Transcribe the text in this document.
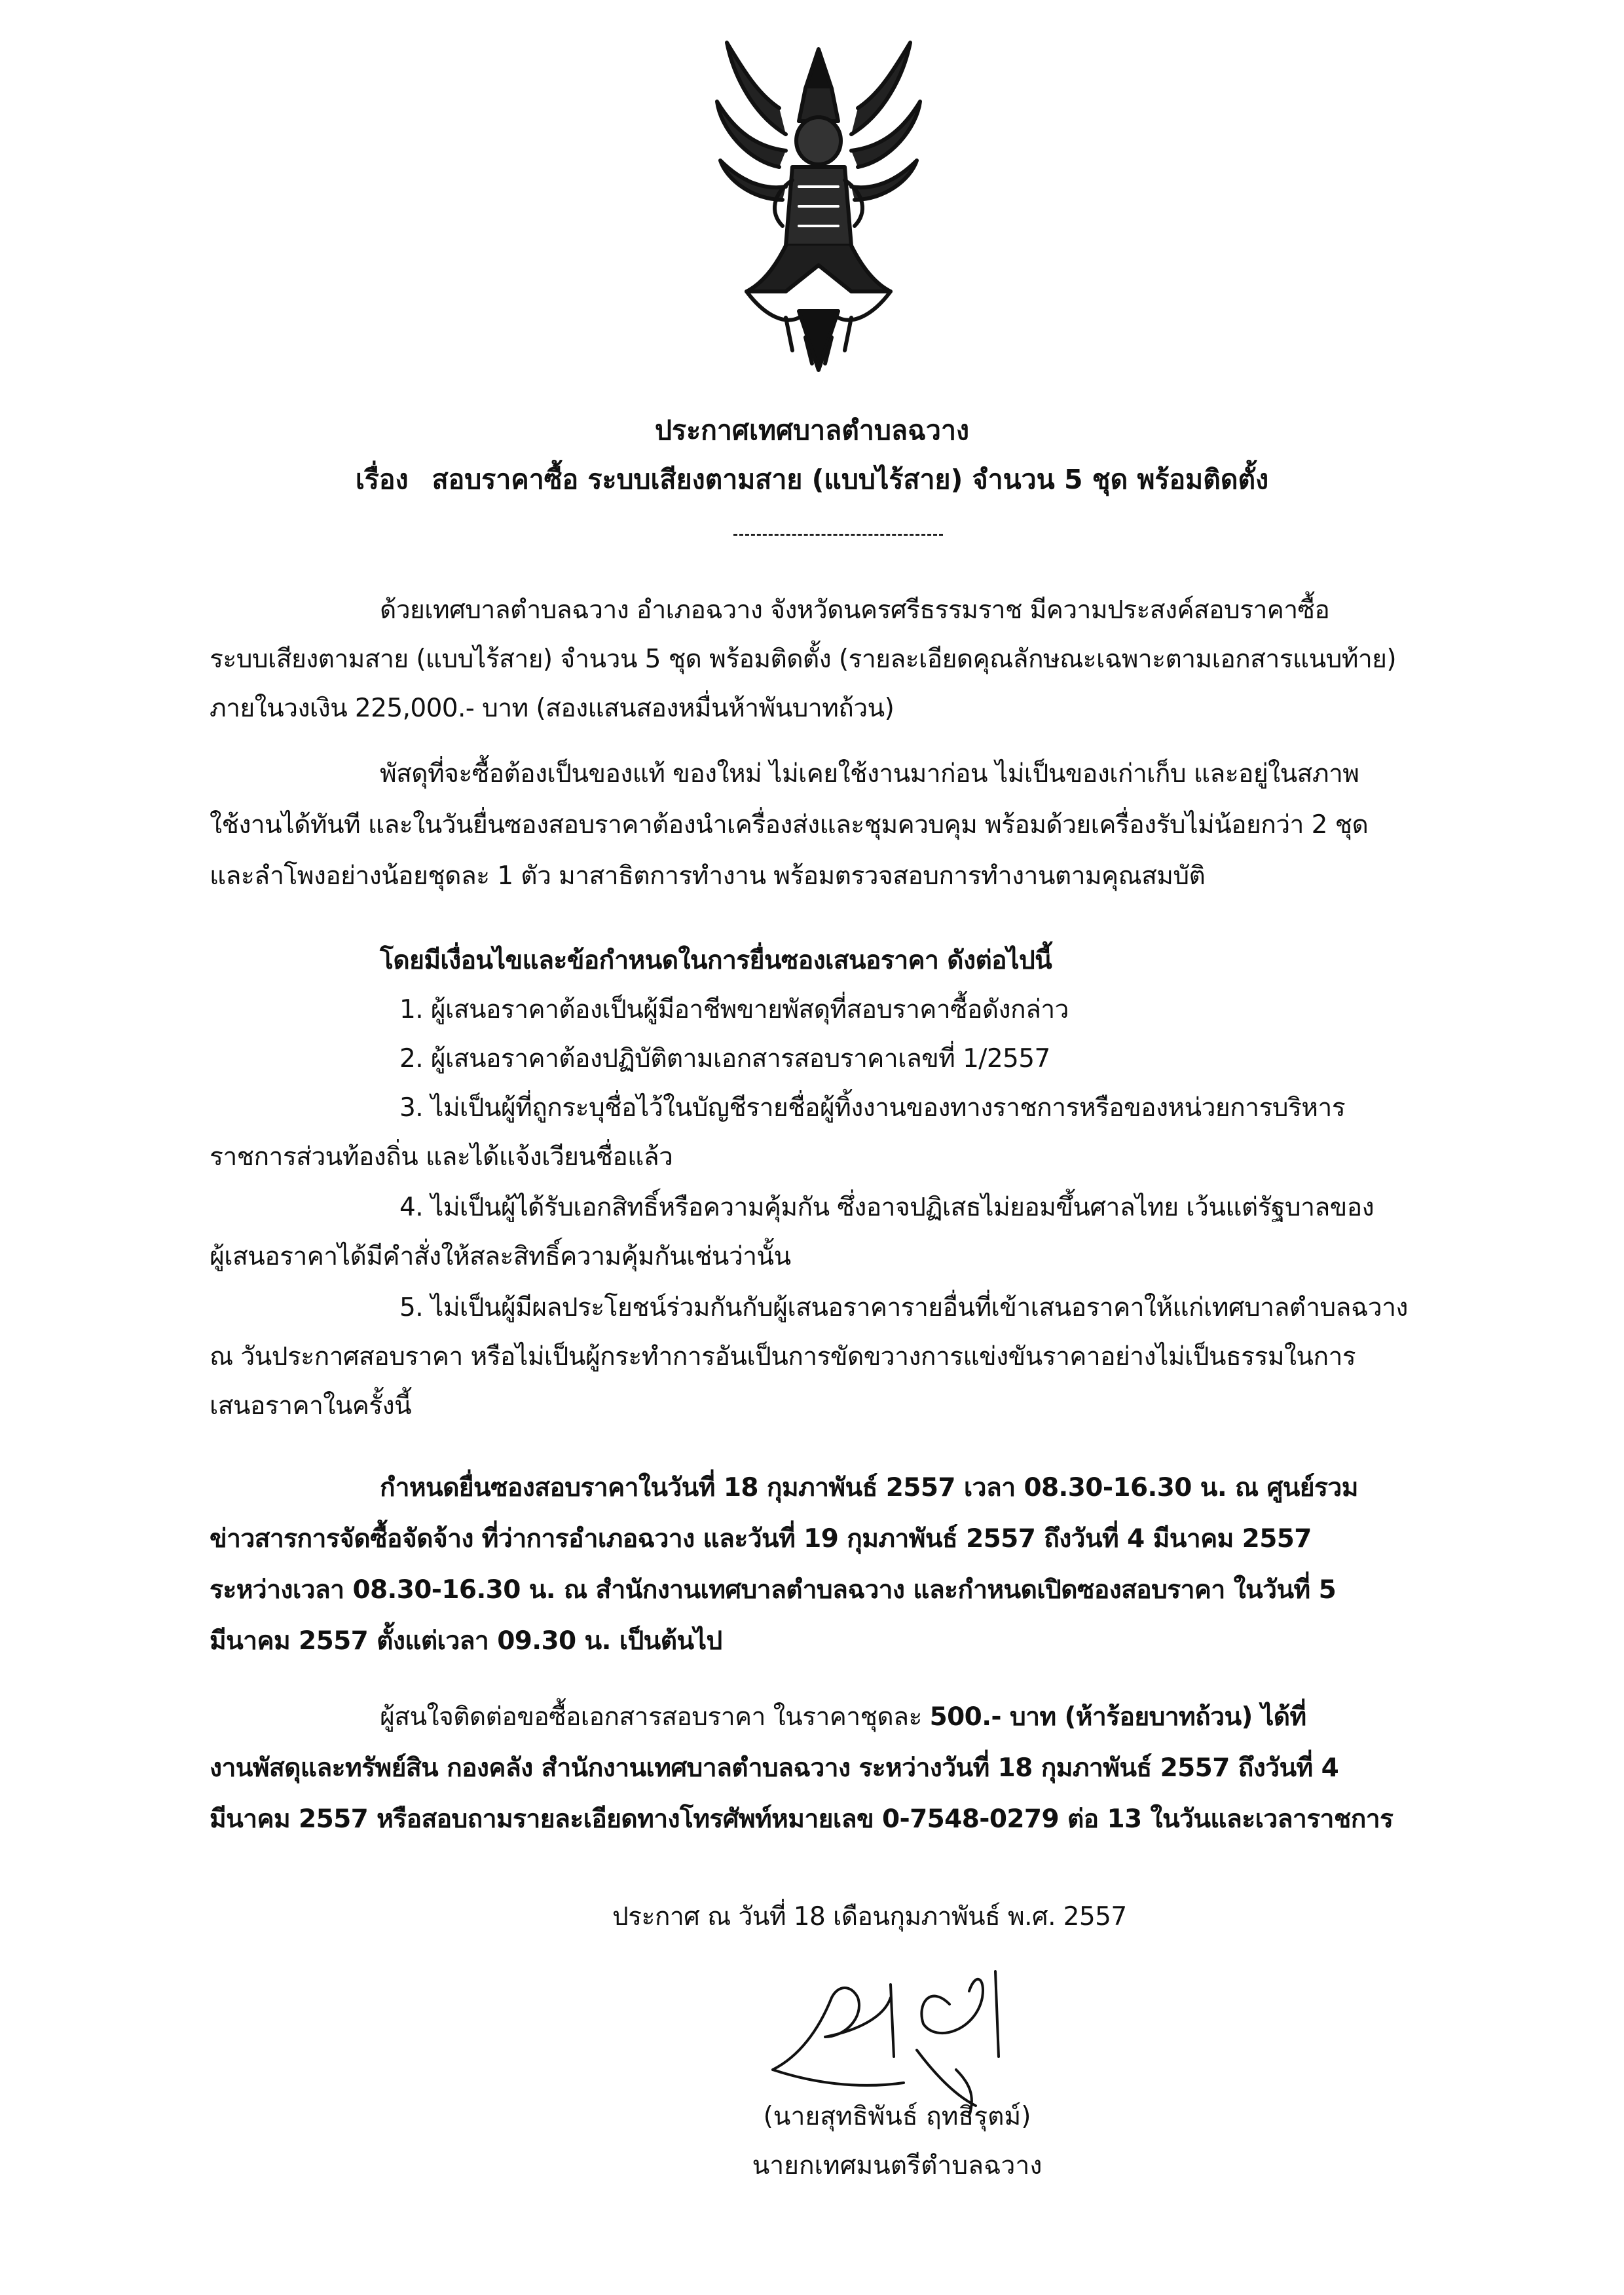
ประกาศเทศบาลตำบลฉวาง
เรื่อง สอบราคาซื้อ ระบบเสียงตามสาย (แบบไร้สาย) จำนวน 5 ชุด พร้อมติดตั้ง
ด้วยเทศบาลตำบลฉวาง อำเภอฉวาง จังหวัดนครศรีธรรมราช มีความประสงค์สอบราคาซื้อ
ระบบเสียงตามสาย (แบบไร้สาย) จำนวน 5 ชุด พร้อมติดตั้ง (รายละเอียดคุณลักษณะเฉพาะตามเอกสารแนบท้าย)
ภายในวงเงิน 225,000.- บาท (สองแสนสองหมื่นห้าพันบาทถ้วน)
พัสดุที่จะซื้อต้องเป็นของแท้ ของใหม่ ไม่เคยใช้งานมาก่อน ไม่เป็นของเก่าเก็บ และอยู่ในสภาพ
ใช้งานได้ทันที และในวันยื่นซองสอบราคาต้องนำเครื่องส่งและชุมควบคุม พร้อมด้วยเครื่องรับไม่น้อยกว่า 2 ชุด
และลำโพงอย่างน้อยชุดละ 1 ตัว มาสาธิตการทำงาน พร้อมตรวจสอบการทำงานตามคุณสมบัติ
โดยมีเงื่อนไขและข้อกำหนดในการยื่นซองเสนอราคา ดังต่อไปนี้
1. ผู้เสนอราคาต้องเป็นผู้มีอาชีพขายพัสดุที่สอบราคาซื้อดังกล่าว
2. ผู้เสนอราคาต้องปฏิบัติตามเอกสารสอบราคาเลขที่ 1/2557
3. ไม่เป็นผู้ที่ถูกระบุชื่อไว้ในบัญชีรายชื่อผู้ทิ้งงานของทางราชการหรือของหน่วยการบริหาร
ราชการส่วนท้องถิ่น และได้แจ้งเวียนชื่อแล้ว
4. ไม่เป็นผู้ได้รับเอกสิทธิ์หรือความคุ้มกัน ซึ่งอาจปฏิเสธไม่ยอมขึ้นศาลไทย เว้นแต่รัฐบาลของ
ผู้เสนอราคาได้มีคำสั่งให้สละสิทธิ์ความคุ้มกันเช่นว่านั้น
5. ไม่เป็นผู้มีผลประโยชน์ร่วมกันกับผู้เสนอราคารายอื่นที่เข้าเสนอราคาให้แก่เทศบาลตำบลฉวาง
ณ วันประกาศสอบราคา หรือไม่เป็นผู้กระทำการอันเป็นการขัดขวางการแข่งขันราคาอย่างไม่เป็นธรรมในการ
เสนอราคาในครั้งนี้
กำหนดยื่นซองสอบราคาในวันที่ 18 กุมภาพันธ์ 2557 เวลา 08.30-16.30 น. ณ ศูนย์รวม
ข่าวสารการจัดซื้อจัดจ้าง ที่ว่าการอำเภอฉวาง และวันที่ 19 กุมภาพันธ์ 2557 ถึงวันที่ 4 มีนาคม 2557
ระหว่างเวลา 08.30-16.30 น. ณ สำนักงานเทศบาลตำบลฉวาง และกำหนดเปิดซองสอบราคา ในวันที่ 5
มีนาคม 2557 ตั้งแต่เวลา 09.30 น. เป็นต้นไป
ผู้สนใจติดต่อขอซื้อเอกสารสอบราคา ในราคาชุดละ 500.- บาท (ห้าร้อยบาทถ้วน) ได้ที่
งานพัสดุและทรัพย์สิน กองคลัง สำนักงานเทศบาลตำบลฉวาง ระหว่างวันที่ 18 กุมภาพันธ์ 2557 ถึงวันที่ 4
มีนาคม 2557 หรือสอบถามรายละเอียดทางโทรศัพท์หมายเลข 0-7548-0279 ต่อ 13 ในวันและเวลาราชการ
ประกาศ ณ วันที่ 18 เดือนกุมภาพันธ์ พ.ศ. 2557
(นายสุทธิพันธ์ ฤทธิรุตม์)
นายกเทศมนตรีตำบลฉวาง
